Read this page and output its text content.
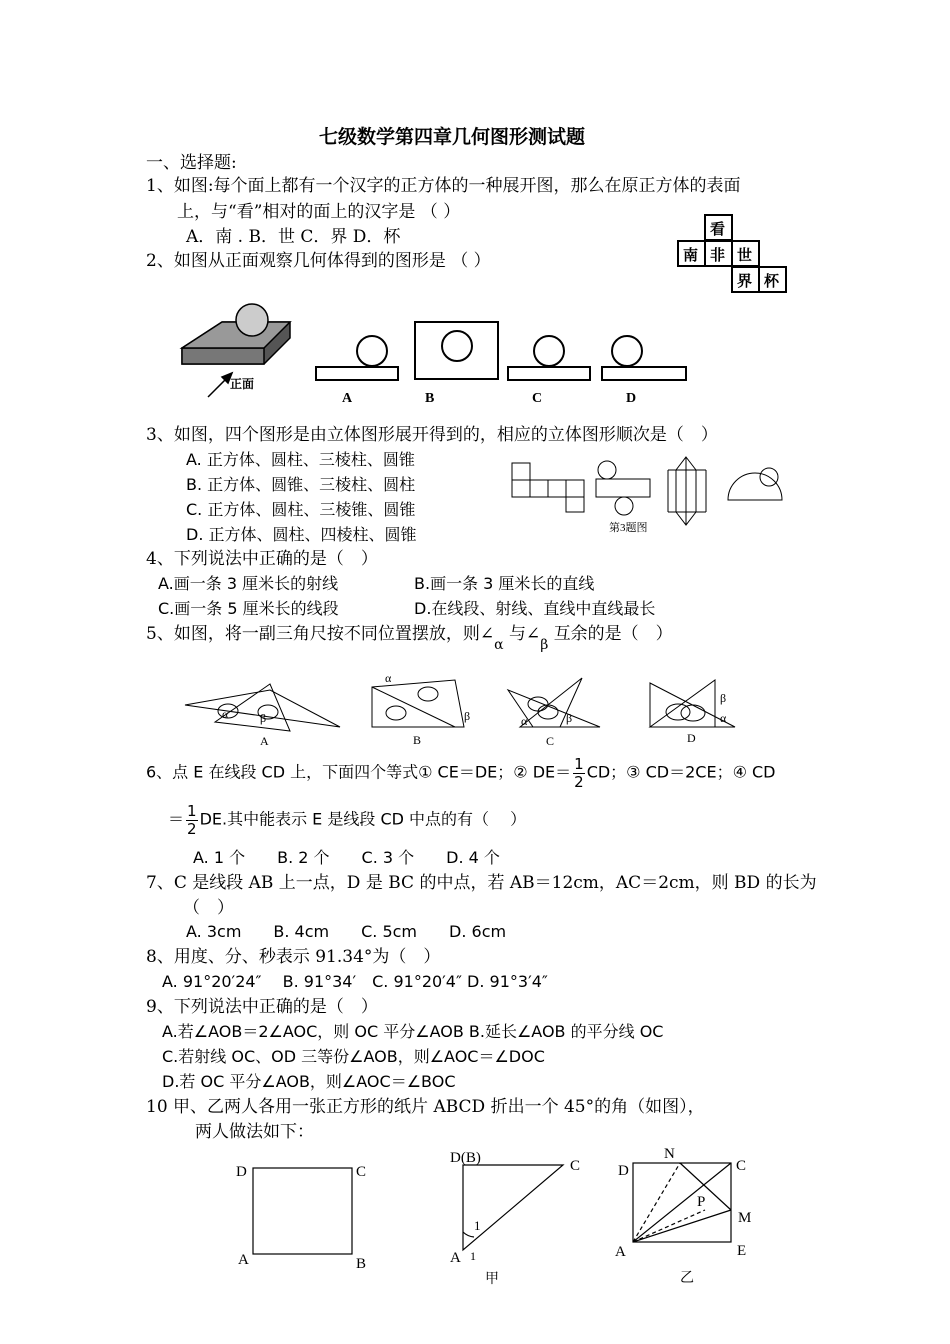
七级数学第四章几何图形测试题
一、选择题:
1、如图:每个面上都有一个汉字的正方体的一种展开图，那么在原正方体的表面
上，与“看”相对的面上的汉字是 （ ）
A．南 . B．世 C．界 D．杯
2、如图从正面观察几何体得到的图形是 （ ）
3、如图，四个图形是由立体图形展开得到的，相应的立体图形顺次是（　）
A. 正方体、圆柱、三棱柱、圆锥
B. 正方体、圆锥、三棱柱、圆柱
C. 正方体、圆柱、三棱锥、圆锥
D. 正方体、圆柱、四棱柱、圆锥
4、下列说法中正确的是（　）
A.画一条 3 厘米长的射线	B.画一条 3 厘米长的直线
C.画一条 5 厘米长的线段	D.在线段、射线、直线中直线最长
5、如图，将一副三角尺按不同位置摆放，则$\angle_\alpha$ 与$\angle_\beta$ 互余的是（　）
6、点 E 在线段 CD 上，下面四个等式① CE＝DE；② $DE= \frac{1}{2}$ CD；③ CD＝2CE；④ CD
＝ $\frac{1}{2}$ DE.其中能表示 E 是线段 CD 中点的有（　 ）
A. 1 个　　B. 2 个　　C. 3 个　　D. 4 个
7、C 是线段 AB 上一点，D 是 BC 的中点，若 AB＝12cm，AC＝2cm，则 BD 的长为
（　）
A. 3cm　　B. 4cm　　C. 5cm　　D. 6cm
8、用度、分、秒表示 91.34°为（　）
A. 91°20′24″　 B. 91°34′　C. 91°20′4″ D. 91°3′4″
9、下列说法中正确的是（　）
A.若∠AOB＝2∠AOC，则 OC 平分∠AOB B.延长∠AOB 的平分线 OC
C.若射线 OC、OD 三等份∠AOB，则∠AOC＝∠DOC
D.若 OC 平分∠AOB，则∠AOC＝∠BOC
10 甲、乙两人各用一张正方形的纸片 ABCD 折出一个 45°的角（如图），
两人做法如下：
看
南 非 世
界 杯
正面
A	B	C	D
第3题图
α	β
A
α
β
B
α	β
C
β
α
D
D	C
A	B
D(B)	C
1
A 1
甲
D
N
C
P
M
A	E
乙
